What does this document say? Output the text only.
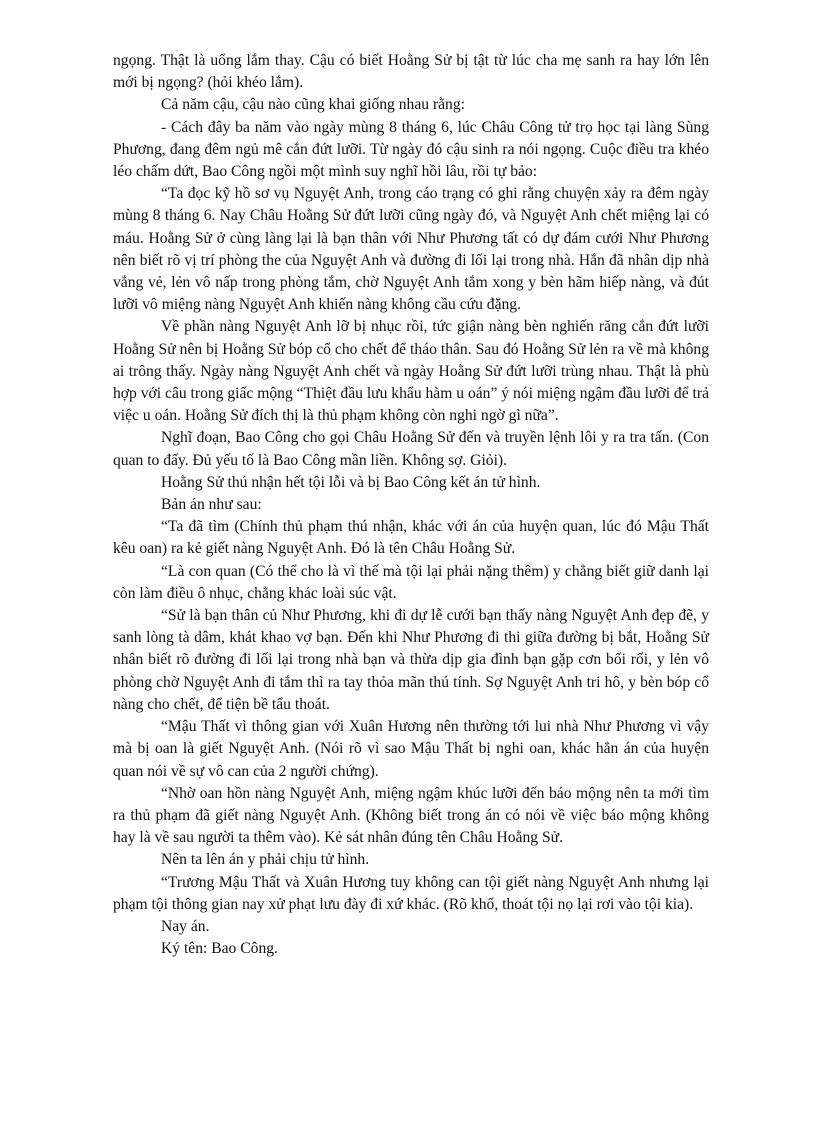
ngọng. Thật là uổng lắm thay. Cậu có biết Hoằng Sử bị tật từ lúc cha mẹ sanh ra hay lớn lên mới bị ngọng? (hỏi khéo lắm).

Cả năm cậu, cậu nào cũng khai giống nhau rằng:

- Cách đây ba năm vào ngày mùng 8 tháng 6, lúc Châu Công tử trọ học tại làng Sùng Phương, đang đêm ngủ mê cắn đứt lưỡi. Từ ngày đó cậu sinh ra nói ngọng. Cuộc điều tra khéo léo chấm dứt, Bao Công ngồi một mình suy nghĩ hồi lâu, rồi tự bảo:

“Ta đọc kỹ hồ sơ vụ Nguyệt Anh, trong cáo trạng có ghi rằng chuyện xảy ra đêm ngày mùng 8 tháng 6. Nay Châu Hoằng Sử đứt lưỡi cũng ngày đó, và Nguyệt Anh chết miệng lại có máu. Hoằng Sử ở cùng làng lại là bạn thân với Như Phương tất có dự đám cưới Như Phương nên biết rõ vị trí phòng the của Nguyệt Anh và đường đi lối lại trong nhà. Hắn đã nhân dịp nhà vắng vẻ, lẻn vô nấp trong phòng tắm, chờ Nguyệt Anh tắm xong y bèn hãm hiếp nàng, và đút lưỡi vô miệng nàng Nguyệt Anh khiến nàng không cầu cứu đặng.

Về phần nàng Nguyệt Anh lỡ bị nhục rồi, tức giận nàng bèn nghiến răng cắn đứt lưỡi Hoằng Sử nên bị Hoằng Sử bóp cổ cho chết để tháo thân. Sau đó Hoằng Sử lẻn ra về mà không ai trông thấy. Ngày nàng Nguyệt Anh chết và ngày Hoằng Sử đứt lưỡi trùng nhau. Thật là phù hợp với câu trong giấc mộng “Thiệt đầu lưu khẩu hàm u oán” ý nói miệng ngậm đầu lưỡi để trả việc u oán. Hoằng Sử đích thị là thủ phạm không còn nghi ngờ gì nữa”.

Nghĩ đoạn, Bao Công cho gọi Châu Hoằng Sử đến và truyền lệnh lôi y ra tra tấn. (Con quan to đấy. Đủ yếu tố là Bao Công mần liền. Không sợ. Giỏi).

Hoằng Sử thú nhận hết tội lỗi và bị Bao Công kết án tử hình.

Bản án như sau:

“Ta đã tìm (Chính thủ phạm thú nhận, khác với án của huyện quan, lúc đó Mậu Thất kêu oan) ra kẻ giết nàng Nguyệt Anh. Đó là tên Châu Hoằng Sử.

“Là con quan (Có thể cho là vì thế mà tội lại phải nặng thêm) y chẳng biết giữ danh lại còn làm điều ô nhục, chẳng khác loài súc vật.

“Sử là bạn thân củ Như Phương, khi đi dự lễ cưới bạn thấy nàng Nguyệt Anh đẹp đẽ, y sanh lòng tà dâm, khát khao vợ bạn. Đến khi Như Phương đi thi giữa đường bị bắt, Hoằng Sử nhân biết rõ đường đi lối lại trong nhà bạn và thừa dịp gia đình bạn gặp cơn bối rối, y lẻn vô phòng chờ Nguyệt Anh đi tắm thì ra tay thỏa mãn thú tính. Sợ Nguyệt Anh tri hô, y bèn bóp cổ nàng cho chết, để tiện bề tẩu thoát.

“Mậu Thất vì thông gian với Xuân Hương nên thường tới lui nhà Như Phương vì vậy mà bị oan là giết Nguyệt Anh. (Nói rõ vì sao Mậu Thất bị nghi oan, khác hẳn án của huyện quan nói về sự vô can của 2 người chứng).

“Nhờ oan hồn nàng Nguyệt Anh, miệng ngậm khúc lưỡi đến báo mộng nên ta mới tìm ra thủ phạm đã giết nàng Nguyệt Anh. (Không biết trong án có nói về việc báo mộng không hay là về sau người ta thêm vào). Kẻ sát nhân đúng tên Châu Hoằng Sử.

Nên ta lên án y phải chịu tử hình.

“Trương Mậu Thất và Xuân Hương tuy không can tội giết nàng Nguyệt Anh nhưng lại phạm tội thông gian nay xử phạt lưu đày đi xứ khác. (Rõ khổ, thoát tội nọ lại rơi vào tội kia).

Nay án.

Ký tên: Bao Công.
